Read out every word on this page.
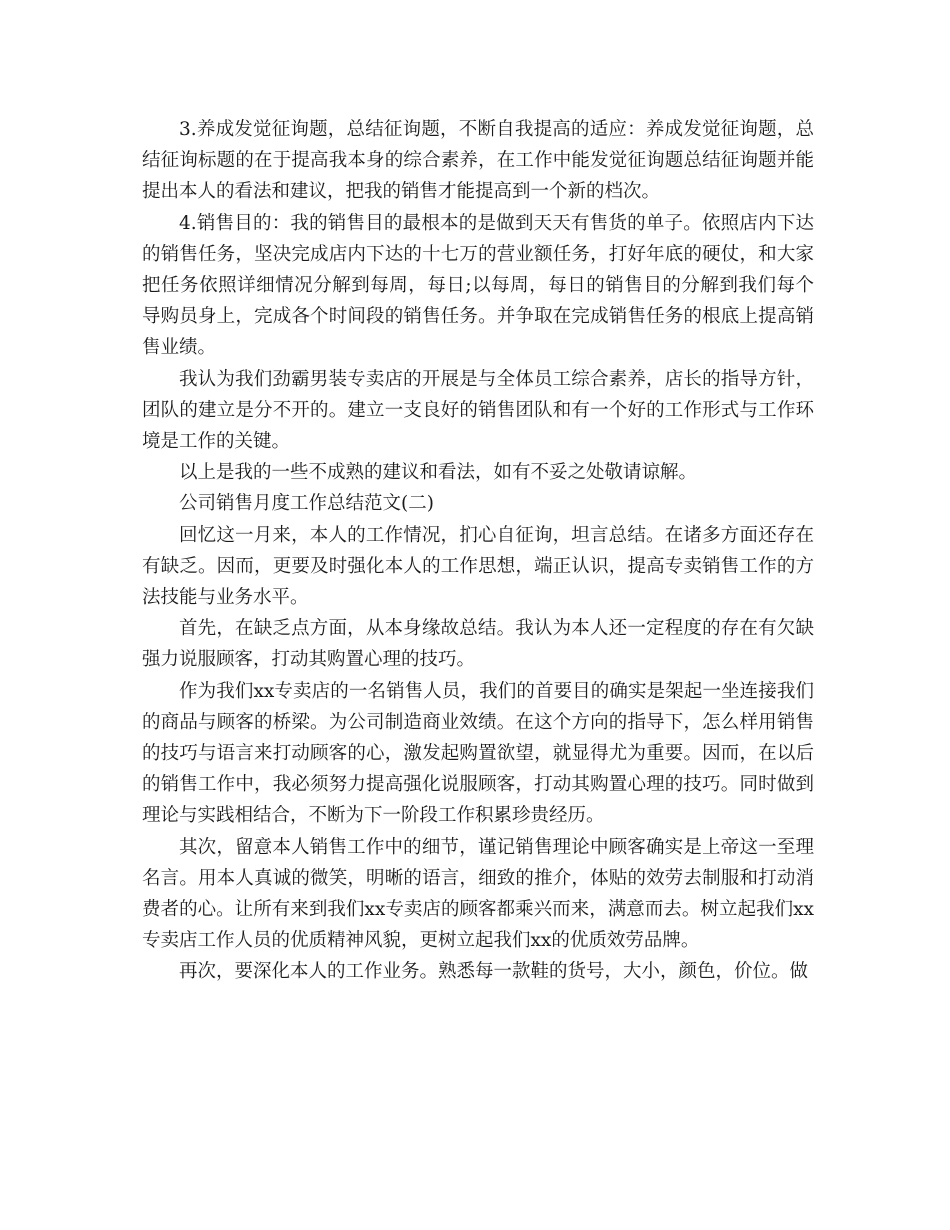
3.养成发觉征询题，总结征询题，不断自我提高的适应：养成发觉征询题，总结征询标题的在于提高我本身的综合素养，在工作中能发觉征询题总结征询题并能提出本人的看法和建议，把我的销售才能提高到一个新的档次。

4.销售目的：我的销售目的最根本的是做到天天有售货的单子。依照店内下达的销售任务，坚决完成店内下达的十七万的营业额任务，打好年底的硬仗，和大家把任务依照详细情况分解到每周，每日;以每周，每日的销售目的分解到我们每个导购员身上，完成各个时间段的销售任务。并争取在完成销售任务的根底上提高销售业绩。

我认为我们劲霸男装专卖店的开展是与全体员工综合素养，店长的指导方针，团队的建立是分不开的。建立一支良好的销售团队和有一个好的工作形式与工作环境是工作的关键。

以上是我的一些不成熟的建议和看法，如有不妥之处敬请谅解。

公司销售月度工作总结范文(二)

回忆这一月来，本人的工作情况，扪心自征询，坦言总结。在诸多方面还存在有缺乏。因而，更要及时强化本人的工作思想，端正认识，提高专卖销售工作的方法技能与业务水平。

首先，在缺乏点方面，从本身缘故总结。我认为本人还一定程度的存在有欠缺强力说服顾客，打动其购置心理的技巧。

作为我们xx专卖店的一名销售人员，我们的首要目的确实是架起一坐连接我们的商品与顾客的桥梁。为公司制造商业效绩。在这个方向的指导下，怎么样用销售的技巧与语言来打动顾客的心，激发起购置欲望，就显得尤为重要。因而，在以后的销售工作中，我必须努力提高强化说服顾客，打动其购置心理的技巧。同时做到理论与实践相结合，不断为下一阶段工作积累珍贵经历。

其次，留意本人销售工作中的细节，谨记销售理论中顾客确实是上帝这一至理名言。用本人真诚的微笑，明晰的语言，细致的推介，体贴的效劳去制服和打动消费者的心。让所有来到我们xx专卖店的顾客都乘兴而来，满意而去。树立起我们xx专卖店工作人员的优质精神风貌，更树立起我们xx的优质效劳品牌。

再次，要深化本人的工作业务。熟悉每一款鞋的货号，大小，颜色，价位。做
